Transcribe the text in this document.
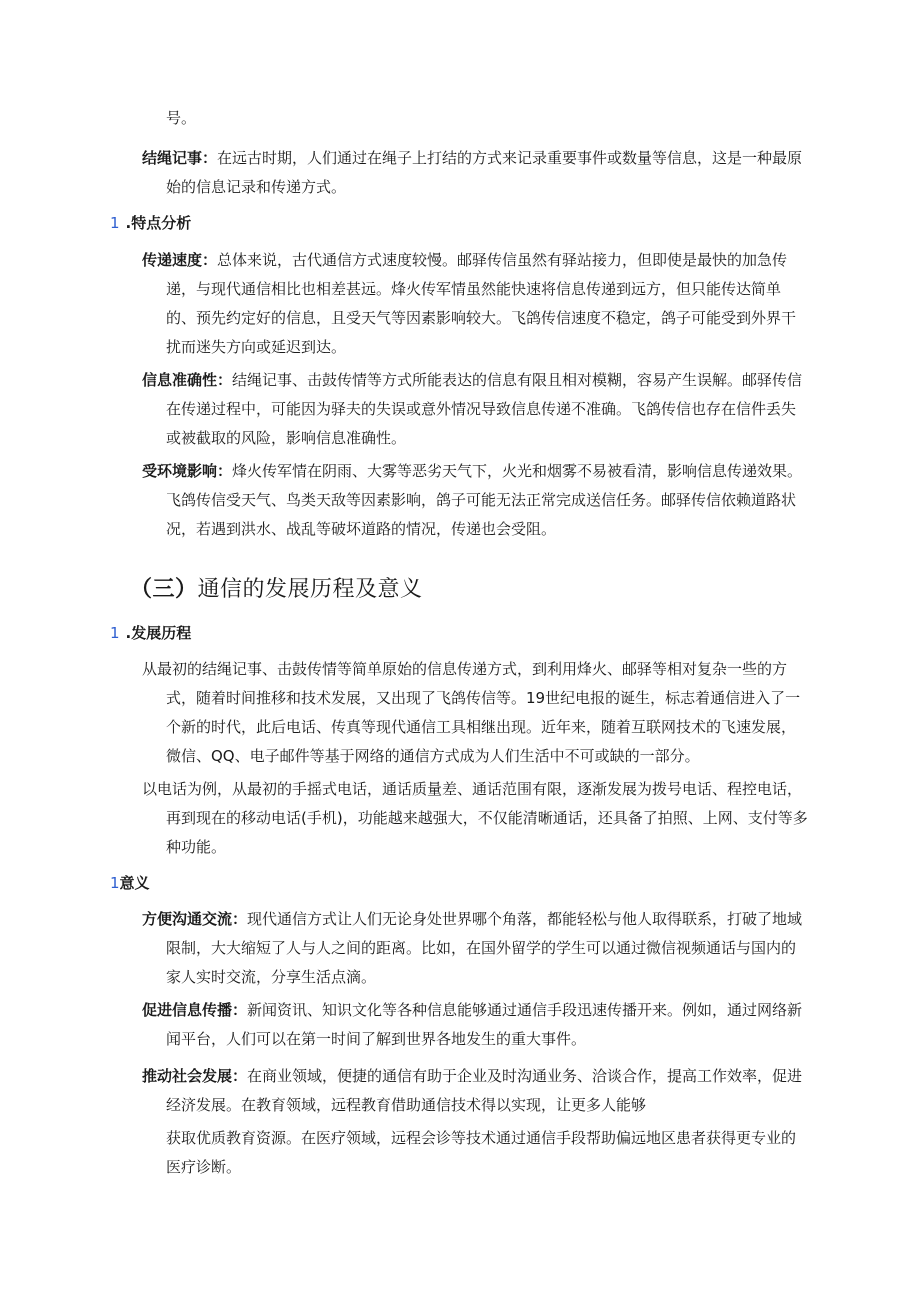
号。
结绳记事：在远古时期，人们通过在绳子上打结的方式来记录重要事件或数量等信息，这是一种最原始的信息记录和传递方式。
1 .特点分析
传递速度：总体来说，古代通信方式速度较慢。邮驿传信虽然有驿站接力，但即使是最快的加急传递，与现代通信相比也相差甚远。烽火传军情虽然能快速将信息传递到远方，但只能传达简单的、预先约定好的信息，且受天气等因素影响较大。飞鸽传信速度不稳定，鸽子可能受到外界干扰而迷失方向或延迟到达。
信息准确性：结绳记事、击鼓传情等方式所能表达的信息有限且相对模糊，容易产生误解。邮驿传信在传递过程中，可能因为驿夫的失误或意外情况导致信息传递不准确。飞鸽传信也存在信件丢失或被截取的风险，影响信息准确性。
受环境影响：烽火传军情在阴雨、大雾等恶劣天气下，火光和烟雾不易被看清，影响信息传递效果。飞鸽传信受天气、鸟类天敌等因素影响，鸽子可能无法正常完成送信任务。邮驿传信依赖道路状况，若遇到洪水、战乱等破坏道路的情况，传递也会受阻。
（三）通信的发展历程及意义
1 .发展历程
从最初的结绳记事、击鼓传情等简单原始的信息传递方式，到利用烽火、邮驿等相对复杂一些的方式，随着时间推移和技术发展，又出现了飞鸽传信等。19世纪电报的诞生，标志着通信进入了一个新的时代，此后电话、传真等现代通信工具相继出现。近年来，随着互联网技术的飞速发展，微信、QQ、电子邮件等基于网络的通信方式成为人们生活中不可或缺的一部分。
以电话为例，从最初的手摇式电话，通话质量差、通话范围有限，逐渐发展为拨号电话、程控电话，再到现在的移动电话(手机)，功能越来越强大，不仅能清晰通话，还具备了拍照、上网、支付等多种功能。
1意义
方便沟通交流：现代通信方式让人们无论身处世界哪个角落，都能轻松与他人取得联系，打破了地域限制，大大缩短了人与人之间的距离。比如，在国外留学的学生可以通过微信视频通话与国内的家人实时交流，分享生活点滴。
促进信息传播：新闻资讯、知识文化等各种信息能够通过通信手段迅速传播开来。例如，通过网络新闻平台，人们可以在第一时间了解到世界各地发生的重大事件。
推动社会发展：在商业领域，便捷的通信有助于企业及时沟通业务、洽谈合作，提高工作效率，促进经济发展。在教育领域，远程教育借助通信技术得以实现，让更多人能够
获取优质教育资源。在医疗领域，远程会诊等技术通过通信手段帮助偏远地区患者获得更专业的医疗诊断。
